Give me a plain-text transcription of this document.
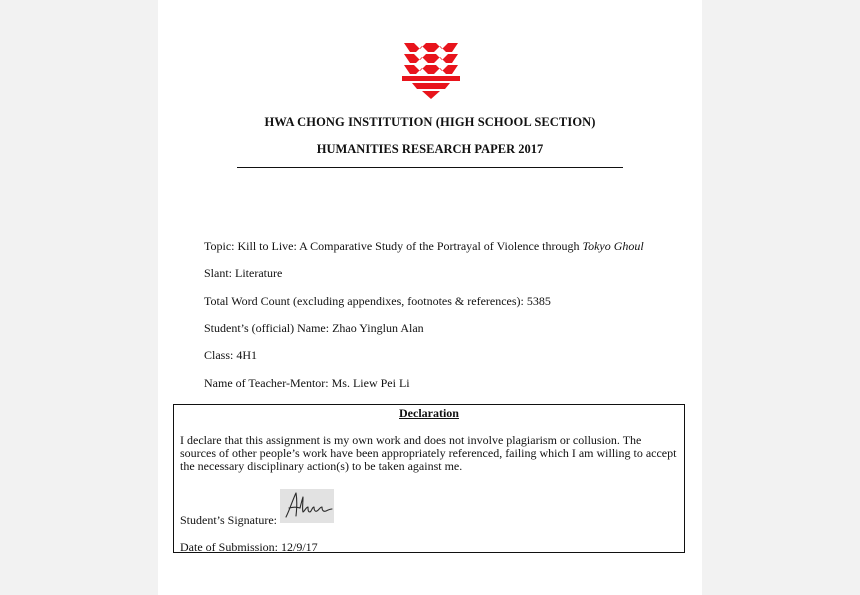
HWA CHONG INSTITUTION (HIGH SCHOOL SECTION)
HUMANITIES RESEARCH PAPER 2017
Topic: Kill to Live: A Comparative Study of the Portrayal of Violence through Tokyo Ghoul
Slant: Literature
Total Word Count (excluding appendixes, footnotes & references): 5385
Student’s (official) Name: Zhao Yinglun Alan
Class: 4H1
Name of Teacher-Mentor: Ms. Liew Pei Li
Declaration
I declare that this assignment is my own work and does not involve plagiarism or collusion. The sources of other people’s work have been appropriately referenced, failing which I am willing to accept the necessary disciplinary action(s) to be taken against me.
Student’s Signature:
Date of Submission: 12/9/17
